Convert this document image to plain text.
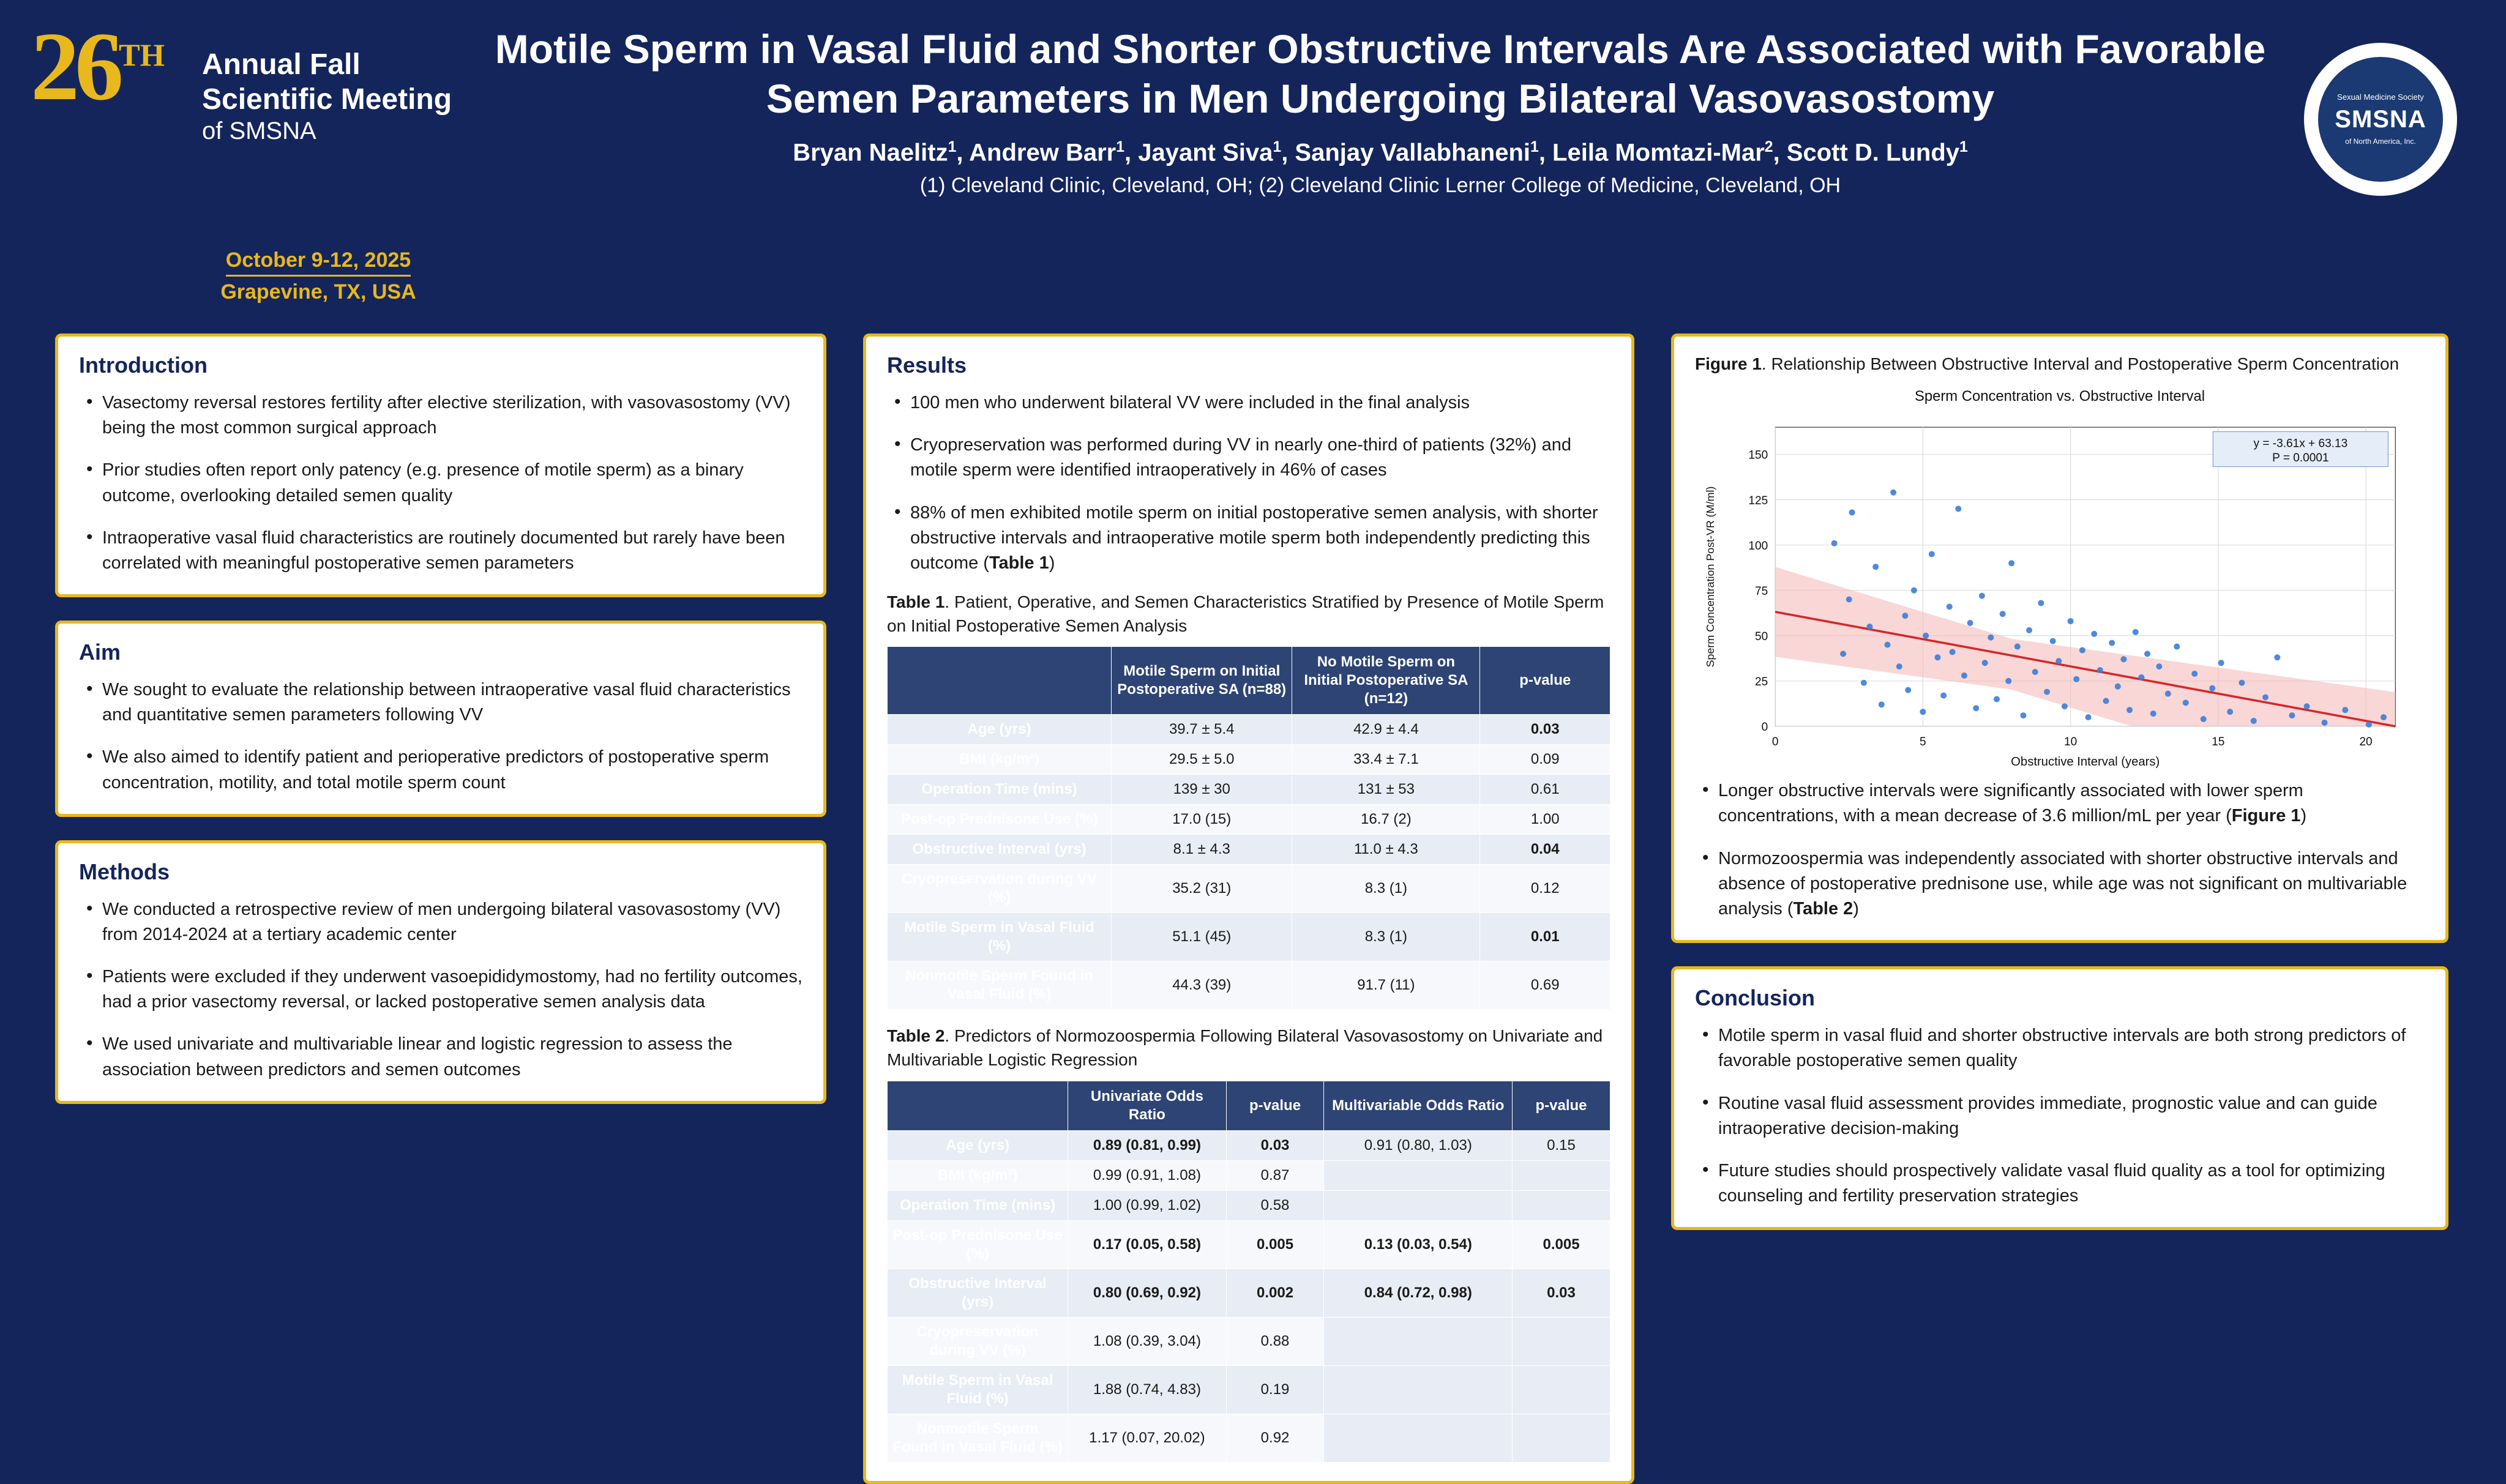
26TH Annual Fall
Scientific Meeting
of SMSNA
October 9-12, 2025
Grapevine, TX, USA
Motile Sperm in Vasal Fluid and Shorter Obstructive Intervals Are Associated with Favorable Semen Parameters in Men Undergoing Bilateral Vasovasostomy
Bryan Naelitz$^1$, Andrew Barr$^1$, Jayant Siva$^1$, Sanjay Vallabhaneni$^1$, Leila Momtazi-Mar$^2$, Scott D. Lundy$^1$
(1) Cleveland Clinic, Cleveland, OH; (2) Cleveland Clinic Lerner College of Medicine, Cleveland, OH
Sexual Medicine Society
SMSNA
of North America, Inc.
Introduction
• Vasectomy reversal restores fertility after elective sterilization, with vasovasostomy (VV) being the most common surgical approach
• Prior studies often report only patency (e.g. presence of motile sperm) as a binary outcome, overlooking detailed semen quality
• Intraoperative vasal fluid characteristics are routinely documented but rarely have been correlated with meaningful postoperative semen parameters
Aim
• We sought to evaluate the relationship between intraoperative vasal fluid characteristics and quantitative semen parameters following VV
• We also aimed to identify patient and perioperative predictors of postoperative sperm concentration, motility, and total motile sperm count
Methods
• We conducted a retrospective review of men undergoing bilateral vasovasostomy (VV) from 2014-2024 at a tertiary academic center
• Patients were excluded if they underwent vasoepididymostomy, had no fertility outcomes, had a prior vasectomy reversal, or lacked postoperative semen analysis data
• We used univariate and multivariable linear and logistic regression to assess the association between predictors and semen outcomes
Results
• 100 men who underwent bilateral VV were included in the final analysis
• Cryopreservation was performed during VV in nearly one-third of patients (32%) and motile sperm were identified intraoperatively in 46% of cases
• 88% of men exhibited motile sperm on initial postoperative semen analysis, with shorter obstructive intervals and intraoperative motile sperm both independently predicting this outcome (Table 1)
Table 1. Patient, Operative, and Semen Characteristics Stratified by Presence of Motile Sperm on Initial Postoperative Semen Analysis
	Motile Sperm on Initial Postoperative SA (n=88)	No Motile Sperm on Initial Postoperative SA (n=12)	p-value
Age (yrs)	39.7 ± 5.4	42.9 ± 4.4	0.03
BMI (kg/m²)	29.5 ± 5.0	33.4 ± 7.1	0.09
Operation Time (mins)	139 ± 30	131 ± 53	0.61
Post-op Prednisone Use (%)	17.0 (15)	16.7 (2)	1.00
Obstructive Interval (yrs)	8.1 ± 4.3	11.0 ± 4.3	0.04
Cryopreservation during VV (%)	35.2 (31)	8.3 (1)	0.12
Motile Sperm in Vasal Fluid (%)	51.1 (45)	8.3 (1)	0.01
Nonmotile Sperm Found in Vasal Fluid (%)	44.3 (39)	91.7 (11)	0.69
Table 2. Predictors of Normozoospermia Following Bilateral Vasovasostomy on Univariate and Multivariable Logistic Regression
	Univariate Odds Ratio	p-value	Multivariable Odds Ratio	p-value
Age (yrs)	0.89 (0.81, 0.99)	0.03	0.91 (0.80, 1.03)	0.15
BMI (kg/m²)	0.99 (0.91, 1.08)	0.87		
Operation Time (mins)	1.00 (0.99, 1.02)	0.58		
Post-op Prednisone Use (%)	0.17 (0.05, 0.58)	0.005	0.13 (0.03, 0.54)	0.005
Obstructive Interval (yrs)	0.80 (0.69, 0.92)	0.002	0.84 (0.72, 0.98)	0.03
Cryopreservation during VV (%)	1.08 (0.39, 3.04)	0.88		
Motile Sperm in Vasal Fluid (%)	1.88 (0.74, 4.83)	0.19		
Nonmotile Sperm Found in Vasal Fluid (%)	1.17 (0.07, 20.02)	0.92		
Figure 1. Relationship Between Obstructive Interval and Postoperative Sperm Concentration
Sperm Concentration vs. Obstructive Interval
0
25
50
75
100
125
150
0	5	10	15	20
y = -3.61x + 63.13
P = 0.0001
Obstructive Interval (years)
Sperm Concentration Post-VR (M/ml)
• Longer obstructive intervals were significantly associated with lower sperm concentrations, with a mean decrease of 3.6 million/mL per year (Figure 1)
• Normozoospermia was independently associated with shorter obstructive intervals and absence of postoperative prednisone use, while age was not significant on multivariable analysis (Table 2)
Conclusion
• Motile sperm in vasal fluid and shorter obstructive intervals are both strong predictors of favorable postoperative semen quality
• Routine vasal fluid assessment provides immediate, prognostic value and can guide intraoperative decision-making
• Future studies should prospectively validate vasal fluid quality as a tool for optimizing counseling and fertility preservation strategies
